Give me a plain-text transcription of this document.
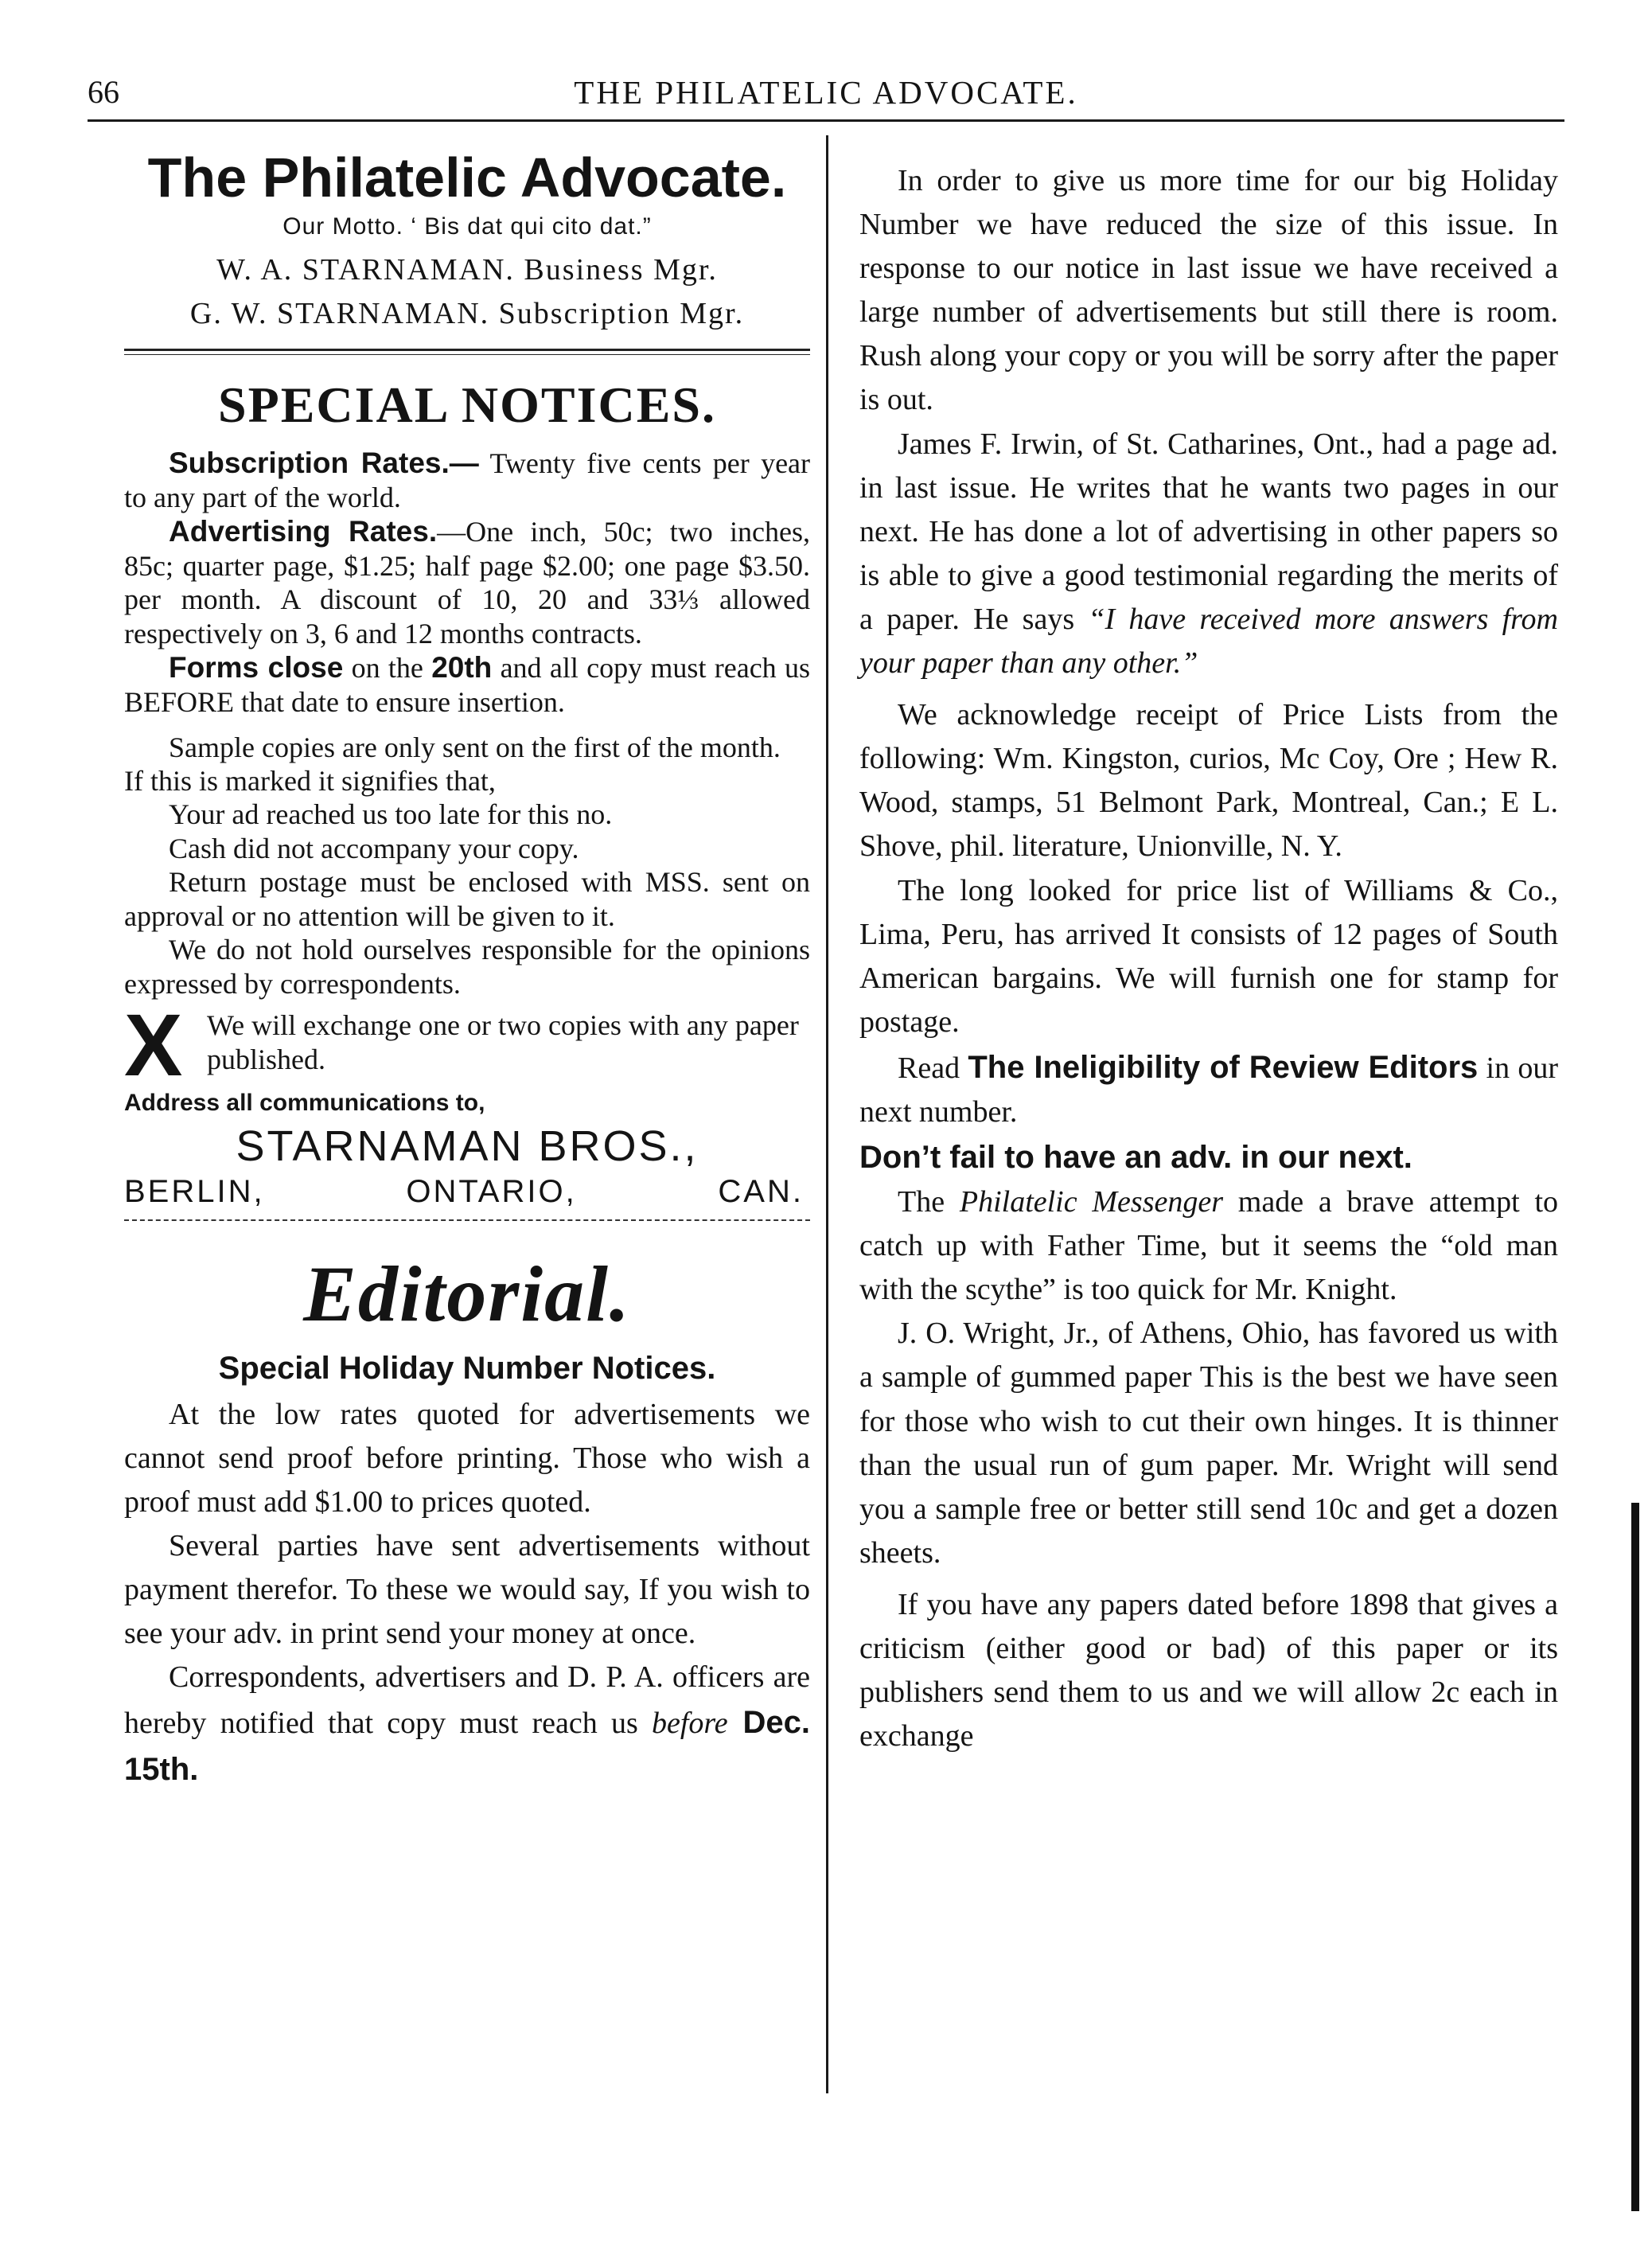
66	THE PHILATELIC ADVOCATE.
The Philatelic Advocate.
Our Motto. ‘ Bis dat qui cito dat.”

W. A. STARNAMAN. Business Mgr.

G. W. STARNAMAN. Subscription Mgr.

SPECIAL NOTICES.

Subscription Rates.— Twenty five cents per year to any part of the world.

Advertising Rates.—One inch, 50c; two inches, 85c; quarter page, $1.25; half page $2.00; one page $3.50. per month. A discount of 10, 20 and 33⅓ allowed respectively on 3, 6 and 12 months contracts.

Forms close on the 20th and all copy must reach us BEFORE that date to ensure insertion.

Sample copies are only sent on the first of the month.

If this is marked it signifies that,

Your ad reached us too late for this no.
Cash did not accompany your copy.

Return postage must be enclosed with MSS. sent on approval or no attention will be given to it.

We do not hold ourselves responsible for the opinions expressed by correspondents.

X We will exchange one or two copies with any paper published.

Address all communications to,

STARNAMAN BROS.,
BERLIN,	ONTARIO,	CAN.
Editorial.
Special Holiday Number Notices.

At the low rates quoted for advertisements we cannot send proof before printing. Those who wish a proof must add $1.00 to prices quoted.

Several parties have sent advertisements without payment therefor. To these we would say, If you wish to see your adv. in print send your money at once.

Correspondents, advertisers and D. P. A. officers are hereby notified that copy must reach us before Dec. 15th.

In order to give us more time for our big Holiday Number we have reduced the size of this issue. In response to our notice in last issue we have received a large number of advertisements but still there is room. Rush along your copy or you will be sorry after the paper is out.

James F. Irwin, of St. Catharines, Ont., had a page ad. in last issue. He writes that he wants two pages in our next. He has done a lot of advertising in other papers so is able to give a good testimonial regarding the merits of a paper. He says “I have received more answers from your paper than any other.”

We acknowledge receipt of Price Lists from the following: Wm. Kingston, curios, Mc Coy, Ore ; Hew R. Wood, stamps, 51 Belmont Park, Montreal, Can.; E L. Shove, phil. literature, Unionville, N. Y.

The long looked for price list of Williams & Co., Lima, Peru, has arrived It consists of 12 pages of South American bargains. We will furnish one for stamp for postage.

Read The Ineligibility of Review Editors in our next number.

Don’t fail to have an adv. in our next.

The Philatelic Messenger made a brave attempt to catch up with Father Time, but it seems the “old man with the scythe” is too quick for Mr. Knight.

J. O. Wright, Jr., of Athens, Ohio, has favored us with a sample of gummed paper This is the best we have seen for those who wish to cut their own hinges. It is thinner than the usual run of gum paper. Mr. Wright will send you a sample free or better still send 10c and get a dozen sheets.

If you have any papers dated before 1898 that gives a criticism (either good or bad) of this paper or its publishers send them to us and we will allow 2c each in exchange
